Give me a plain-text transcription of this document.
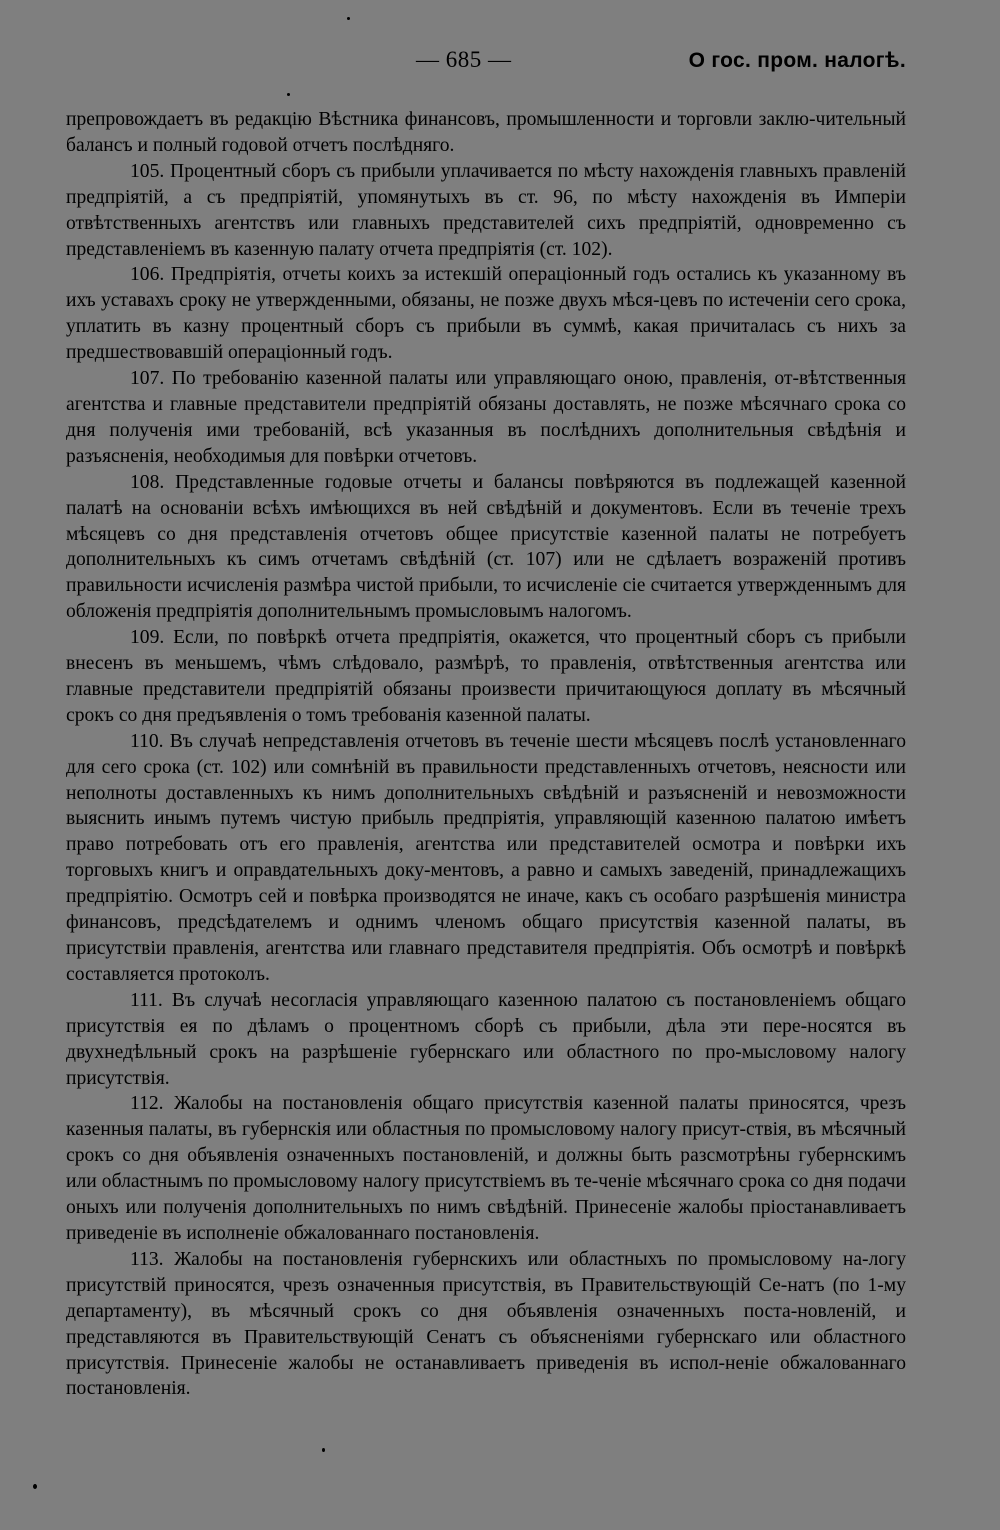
— 685 —	О гос. пром. налогѣ.

препровождаетъ въ редакцію Вѣстника финансовъ, промышленности и торговли заклю-чительный балансъ и полный годовой отчетъ послѣдняго.

105. Процентный сборъ съ прибыли уплачивается по мѣсту нахожденія главныхъ правленій предпріятій, а съ предпріятій, упомянутыхъ въ ст. 96, по мѣсту нахожденія въ Имперіи отвѣтственныхъ агентствъ или главныхъ представителей сихъ предпріятій, одновременно съ представленіемъ въ казенную палату отчета предпріятія (ст. 102).

106. Предпріятія, отчеты коихъ за истекшій операціонный годъ остались къ указанному въ ихъ уставахъ сроку не утвержденными, обязаны, не позже двухъ мѣся-цевъ по истеченіи сего срока, уплатить въ казну процентный сборъ съ прибыли въ суммѣ, какая причиталась съ нихъ за предшествовавшій операціонный годъ.

107. По требованію казенной палаты или управляющаго оною, правленія, от-вѣтственныя агентства и главные представители предпріятій обязаны доставлять, не позже мѣсячнаго срока со дня полученія ими требованій, всѣ указанныя въ послѣднихъ дополнительныя свѣдѣнія и разъясненія, необходимыя для повѣрки отчетовъ.

108. Представленные годовые отчеты и балансы повѣряются въ подлежащей казенной палатѣ на основаніи всѣхъ имѣющихся въ ней свѣдѣній и документовъ. Если въ теченіе трехъ мѣсяцевъ со дня представленія отчетовъ общее присутствіе казенной палаты не потребуетъ дополнительныхъ къ симъ отчетамъ свѣдѣній (ст. 107) или не сдѣлаетъ возраженій противъ правильности исчисленія размѣра чистой прибыли, то исчисленіе сіе считается утвержденнымъ для обложенія предпріятія дополнительнымъ промысловымъ налогомъ.

109. Если, по повѣркѣ отчета предпріятія, окажется, что процентный сборъ съ прибыли внесенъ въ меньшемъ, чѣмъ слѣдовало, размѣрѣ, то правленія, отвѣтственныя агентства или главные представители предпріятій обязаны произвести причитающуюся доплату въ мѣсячный срокъ со дня предъявленія о томъ требованія казенной палаты.

110. Въ случаѣ непредставленія отчетовъ въ теченіе шести мѣсяцевъ послѣ установленнаго для сего срока (ст. 102) или сомнѣній въ правильности представленныхъ отчетовъ, неясности или неполноты доставленныхъ къ нимъ дополнительныхъ свѣдѣній и разъясненій и невозможности выяснить инымъ путемъ чистую прибыль предпріятія, управляющій казенною палатою имѣетъ право потребовать отъ его правленія, агентства или представителей осмотра и повѣрки ихъ торговыхъ книгъ и оправдательныхъ доку-ментовъ, а равно и самыхъ заведеній, принадлежащихъ предпріятію. Осмотръ сей и повѣрка производятся не иначе, какъ съ особаго разрѣшенія министра финансовъ, предсѣдателемъ и однимъ членомъ общаго присутствія казенной палаты, въ присутствіи правленія, агентства или главнаго представителя предпріятія. Объ осмотрѣ и повѣркѣ составляется протоколъ.

111. Въ случаѣ несогласія управляющаго казенною палатою съ постановленіемъ общаго присутствія ея по дѣламъ о процентномъ сборѣ съ прибыли, дѣла эти пере-носятся въ двухнедѣльный срокъ на разрѣшеніе губернскаго или областного по про-мысловому налогу присутствія.

112. Жалобы на постановленія общаго присутствія казенной палаты приносятся, чрезъ казенныя палаты, въ губернскія или областныя по промысловому налогу присут-ствія, въ мѣсячный срокъ со дня объявленія означенныхъ постановленій, и должны быть разсмотрѣны губернскимъ или областнымъ по промысловому налогу присутствіемъ въ те-ченіе мѣсячнаго срока со дня подачи оныхъ или полученія дополнительныхъ по нимъ свѣдѣній. Принесеніе жалобы пріостанавливаетъ приведеніе въ исполненіе обжалованнаго постановленія.

113. Жалобы на постановленія губернскихъ или областныхъ по промысловому на-логу присутствій приносятся, чрезъ означенныя присутствія, въ Правительствующій Се-натъ (по 1-му департаменту), въ мѣсячный срокъ со дня объявленія означенныхъ поста-новленій, и представляются въ Правительствующій Сенатъ съ объясненіями губернскаго или областного присутствія. Принесеніе жалобы не останавливаетъ приведенія въ испол-неніе обжалованнаго постановленія.
